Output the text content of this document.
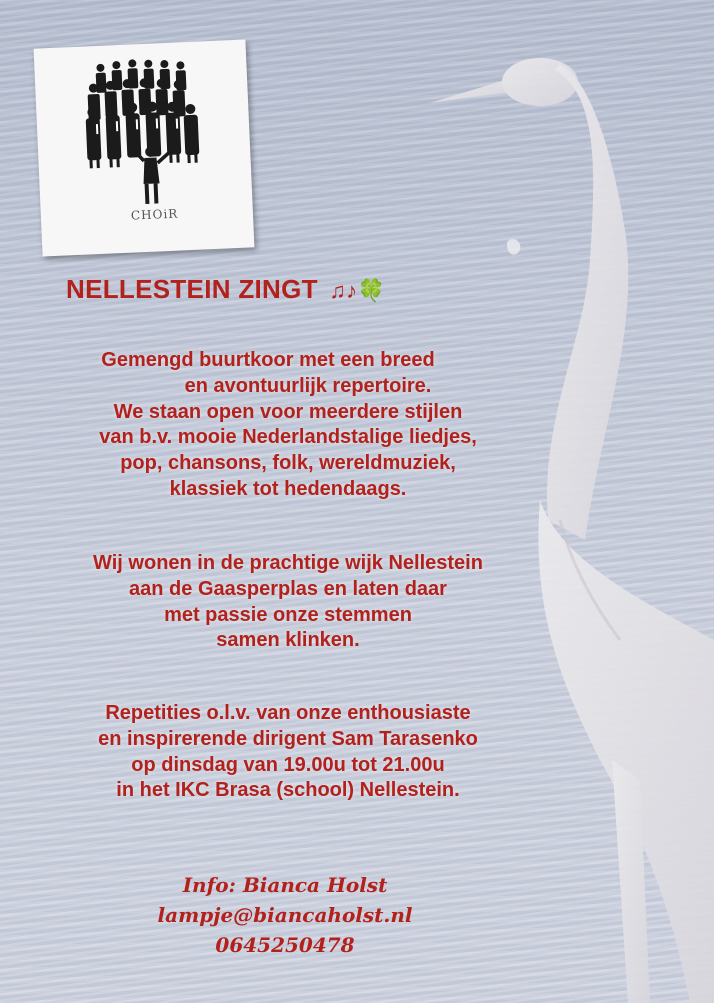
CHOiR
NELLESTEIN ZINGT ♫♪🍀
Gemengd buurtkoor met een breed
en avontuurlijk repertoire.
We staan open voor meerdere stijlen
van b.v. mooie Nederlandstalige liedjes,
pop, chansons, folk, wereldmuziek,
klassiek tot hedendaags.
Wij wonen in de prachtige wijk Nellestein
aan de Gaasperplas en laten daar
met passie onze stemmen
samen klinken.
Repetities o.l.v. van onze enthousiaste
en inspirerende dirigent Sam Tarasenko
op dinsdag van 19.00u tot 21.00u
in het IKC Brasa (school) Nellestein.
Info: Bianca Holst
lampje@biancaholst.nl
0645250478
